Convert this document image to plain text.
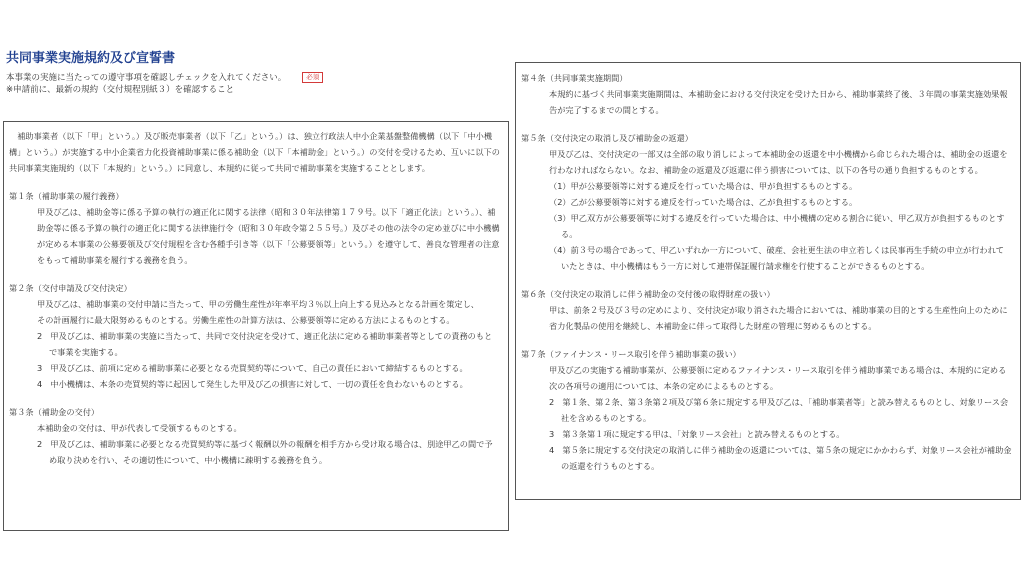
共同事業実施規約及び宣誓書
本事業の実施に当たっての遵守事項を確認しチェックを入れてください。	必須
※申請前に、最新の規約（交付規程別紙３）を確認すること

補助事業者（以下「甲」という。）及び販売事業者（以下「乙」という。）は、独立行政法人中小企業基盤整備機構（以下「中小機構」という。）が実施する中小企業省力化投資補助事業に係る補助金（以下「本補助金」という。）の交付を受けるため、互いに以下の共同事業実施規約（以下「本規約」という。）に同意し、本規約に従って共同で補助事業を実施することとします。

第１条（補助事業の履行義務）

甲及び乙は、補助金等に係る予算の執行の適正化に関する法律（昭和３０年法律第１７９号。以下「適正化法」という。）、補助金等に係る予算の執行の適正化に関する法律施行令（昭和３０年政令第２５５号。）及びその他の法令の定め並びに中小機構が定める本事業の公募要領及び交付規程を含む各種手引き等（以下「公募要領等」という。）を遵守して、善良な管理者の注意をもって補助事業を履行する義務を負う。

第２条（交付申請及び交付決定）

甲及び乙は、補助事業の交付申請に当たって、甲の労働生産性が年率平均３％以上向上する見込みとなる計画を策定し、

その計画履行に最大限努めるものとする。労働生産性の計算方法は、公募要領等に定める方法によるものとする。

2　甲及び乙は、補助事業の実施に当たって、共同で交付決定を受けて、適正化法に定める補助事業者等としての責務のもとで事業を実施する。

3　甲及び乙は、前項に定める補助事業に必要となる売買契約等について、自己の責任において締結するものとする。

4　中小機構は、本条の売買契約等に起因して発生した甲及び乙の損害に対して、一切の責任を負わないものとする。

第３条（補助金の交付）

本補助金の交付は、甲が代表して受領するものとする。

2　甲及び乙は、補助事業に必要となる売買契約等に基づく報酬以外の報酬を相手方から受け取る場合は、別途甲乙の間で予め取り決めを行い、その適切性について、中小機構に疎明する義務を負う。

第４条（共同事業実施期間）

本規約に基づく共同事業実施期間は、本補助金における交付決定を受けた日から、補助事業終了後、３年間の事業実施効果報告が完了するまでの間とする。

第５条（交付決定の取消し及び補助金の返還）

甲及び乙は、交付決定の一部又は全部の取り消しによって本補助金の返還を中小機構から命じられた場合は、補助金の返還を行わなければならない。なお、補助金の返還及び返還に伴う損害については、以下の各号の通り負担するものとする。

（1）甲が公募要領等に対する違反を行っていた場合は、甲が負担するものとする。

（2）乙が公募要領等に対する違反を行っていた場合は、乙が負担するものとする。

（3）甲乙双方が公募要領等に対する違反を行っていた場合は、中小機構の定める割合に従い、甲乙双方が負担するものとする。

（4）前３号の場合であって、甲乙いずれか一方について、破産、会社更生法の申立若しくは民事再生手続の申立が行われていたときは、中小機構はもう一方に対して連帯保証履行請求権を行使することができるものとする。

第６条（交付決定の取消しに伴う補助金の交付後の取得財産の扱い）

甲は、前条２号及び３号の定めにより、交付決定が取り消された場合においては、補助事業の目的とする生産性向上のために省力化製品の使用を継続し、本補助金に伴って取得した財産の管理に努めるものとする。

第７条（ファイナンス・リース取引を伴う補助事業の扱い）

甲及び乙の実施する補助事業が、公募要領に定めるファイナンス・リース取引を伴う補助事業である場合は、本規約に定める次の各項号の適用については、本条の定めによるものとする。

2　第１条、第２条、第３条第２項及び第６条に規定する甲及び乙は、「補助事業者等」と読み替えるものとし、対象リース会社を含めるものとする。

3　第３条第１項に規定する甲は、「対象リース会社」と読み替えるものとする。

4　第５条に規定する交付決定の取消しに伴う補助金の返還については、第５条の規定にかかわらず、対象リース会社が補助金の返還を行うものとする。
